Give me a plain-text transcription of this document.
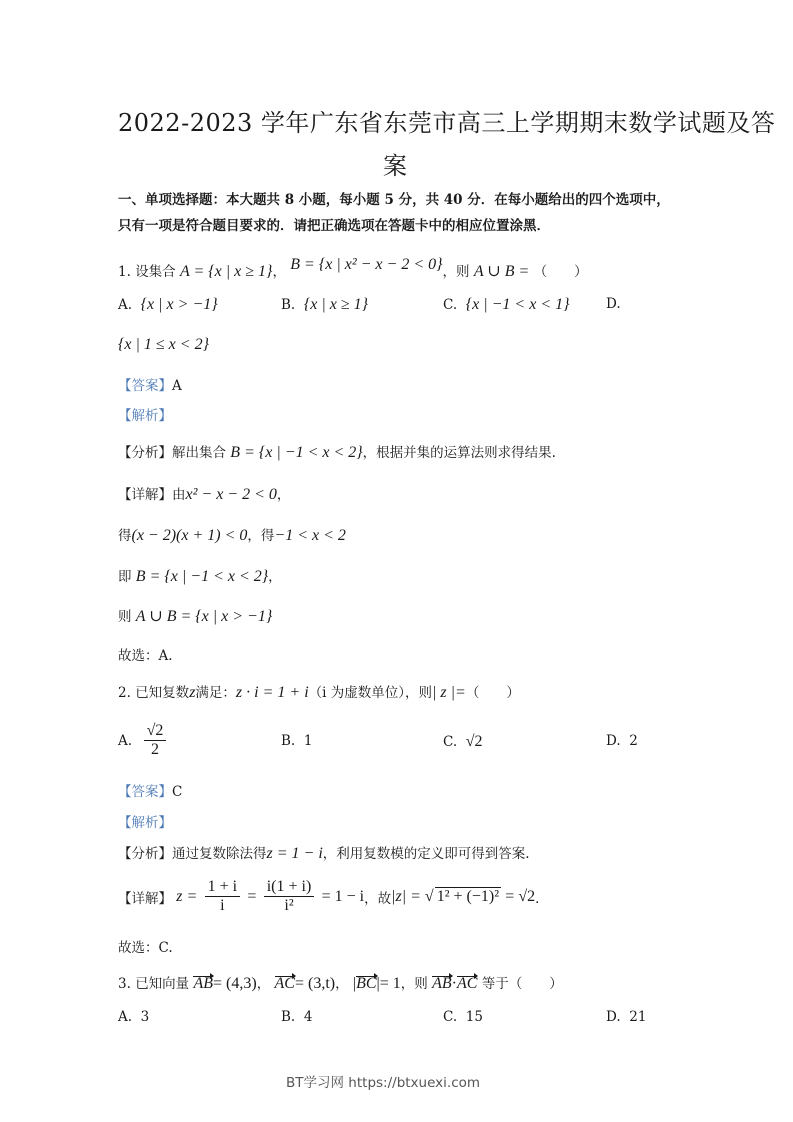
2022-2023 学年广东省东莞市高三上学期期末数学试题及答
案
一、单项选择题：本大题共 8 小题，每小题 5 分，共 40 分．在每小题给出的四个选项中，
只有一项是符合题目要求的．请把正确选项在答题卡中的相应位置涂黑．
1. 设集合 A = {x | x ≥ 1}， B = {x | x² − x − 2 < 0}，则 A ∪ B = （　　）
A. {x | x > −1}	B. {x | x ≥ 1}	C. {x | −1 < x < 1}	D.
{x | 1 ≤ x < 2}
【答案】A
【解析】
【分析】解出集合 B = {x | −1 < x < 2}，根据并集的运算法则求得结果.
【详解】由x² − x − 2 < 0，
得(x − 2)(x + 1) < 0，得−1 < x < 2
即 B = {x | −1 < x < 2}，
则 A ∪ B = {x | x > −1}
故选：A.
2. 已知复数z满足：z · i = 1 + i（i 为虚数单位），则| z |=（　　）
A. $\frac{√2}{2}$	B. 1	C. √2	D. 2
【答案】C
【解析】
【分析】通过复数除法得z = 1 − i，利用复数模的定义即可得到答案.
【详解】 $z = \frac{1 + i}{i} = \frac{i(1 + i)}{\text{i²}} = 1 - i$，故|z| = √ 1² + (−1)² = √2．
故选：C.
3. 已知向量 AB= (4,3)， AC= (3,t)， |BC|= 1，则 AB·AC 等于（　　）
A. 3	B. 4	C. 15	D. 21
BT学习网 https://btxuexi.com
